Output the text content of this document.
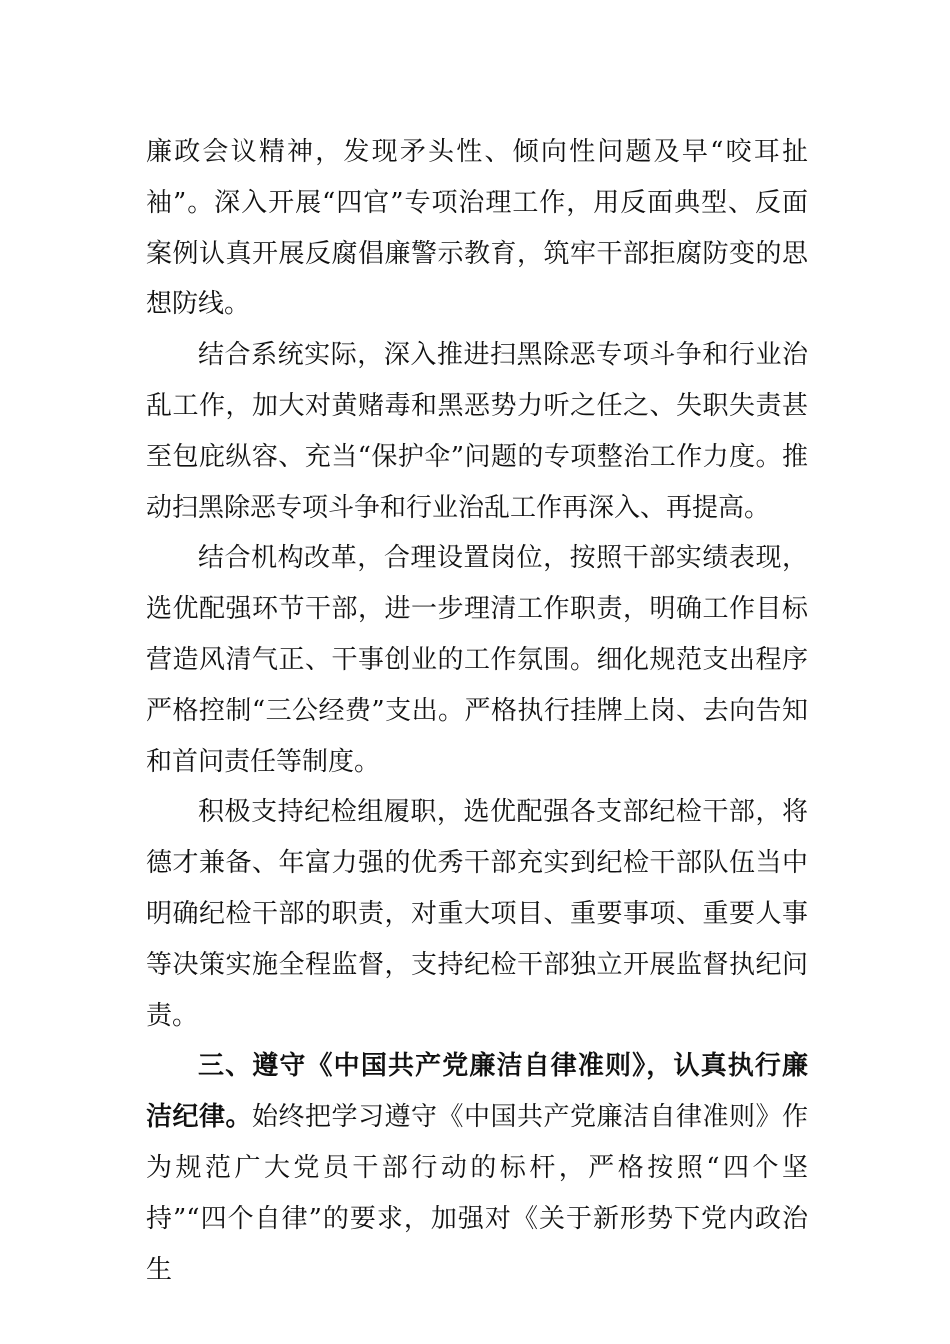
廉政会议精神，发现矛头性、倾向性问题及早“咬耳扯袖”。深入开展“四官”专项治理工作，用反面典型、反面案例认真开展反腐倡廉警示教育，筑牢干部拒腐防变的思想防线。

结合系统实际，深入推进扫黑除恶专项斗争和行业治乱工作，加大对黄赌毒和黑恶势力听之任之、失职失责甚至包庇纵容、充当“保护伞”问题的专项整治工作力度。推动扫黑除恶专项斗争和行业治乱工作再深入、再提高。

结合机构改革，合理设置岗位，按照干部实绩表现，选优配强环节干部，进一步理清工作职责，明确工作目标营造风清气正、干事创业的工作氛围。细化规范支出程序严格控制“三公经费”支出。严格执行挂牌上岗、去向告知和首问责任等制度。

积极支持纪检组履职，选优配强各支部纪检干部，将德才兼备、年富力强的优秀干部充实到纪检干部队伍当中明确纪检干部的职责，对重大项目、重要事项、重要人事等决策实施全程监督，支持纪检干部独立开展监督执纪问责。

三、遵守《中国共产党廉洁自律准则》，认真执行廉洁纪律。始终把学习遵守《中国共产党廉洁自律准则》作为规范广大党员干部行动的标杆，严格按照“四个坚持”“四个自律”的要求，加强对《关于新形势下党内政治生
